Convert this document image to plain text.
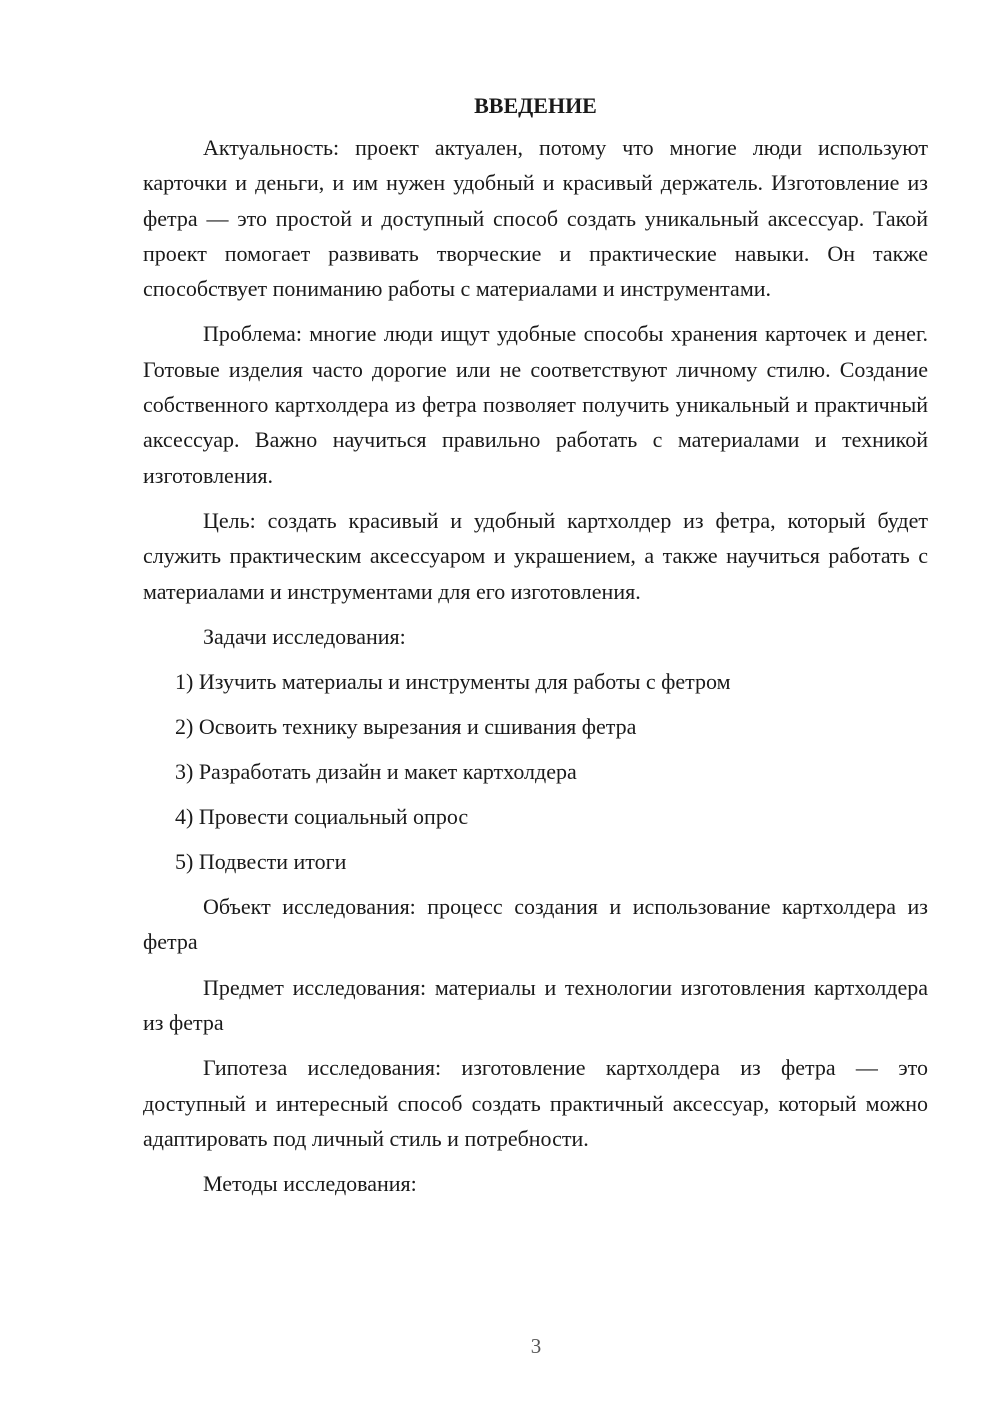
ВВЕДЕНИЕ

Актуальность: проект актуален, потому что многие люди используют карточки и деньги, и им нужен удобный и красивый держатель. Изготовление из фетра — это простой и доступный способ создать уникальный аксессуар. Такой проект помогает развивать творческие и практические навыки. Он также способствует пониманию работы с материалами и инструментами.

Проблема: многие люди ищут удобные способы хранения карточек и денег. Готовые изделия часто дорогие или не соответствуют личному стилю. Создание собственного картхолдера из фетра позволяет получить уникальный и практичный аксессуар. Важно научиться правильно работать с материалами и техникой изготовления.

Цель: создать красивый и удобный картхолдер из фетра, который будет служить практическим аксессуаром и украшением, а также научиться работать с материалами и инструментами для его изготовления.

Задачи исследования:

1) Изучить материалы и инструменты для работы с фетром
2) Освоить технику вырезания и сшивания фетра
3) Разработать дизайн и макет картхолдера
4) Провести социальный опрос
5) Подвести итоги

Объект исследования: процесс создания и использование картхолдера из фетра

Предмет исследования: материалы и технологии изготовления картхолдера из фетра

Гипотеза исследования: изготовление картхолдера из фетра — это доступный и интересный способ создать практичный аксессуар, который можно адаптировать под личный стиль и потребности.

Методы исследования:

3
